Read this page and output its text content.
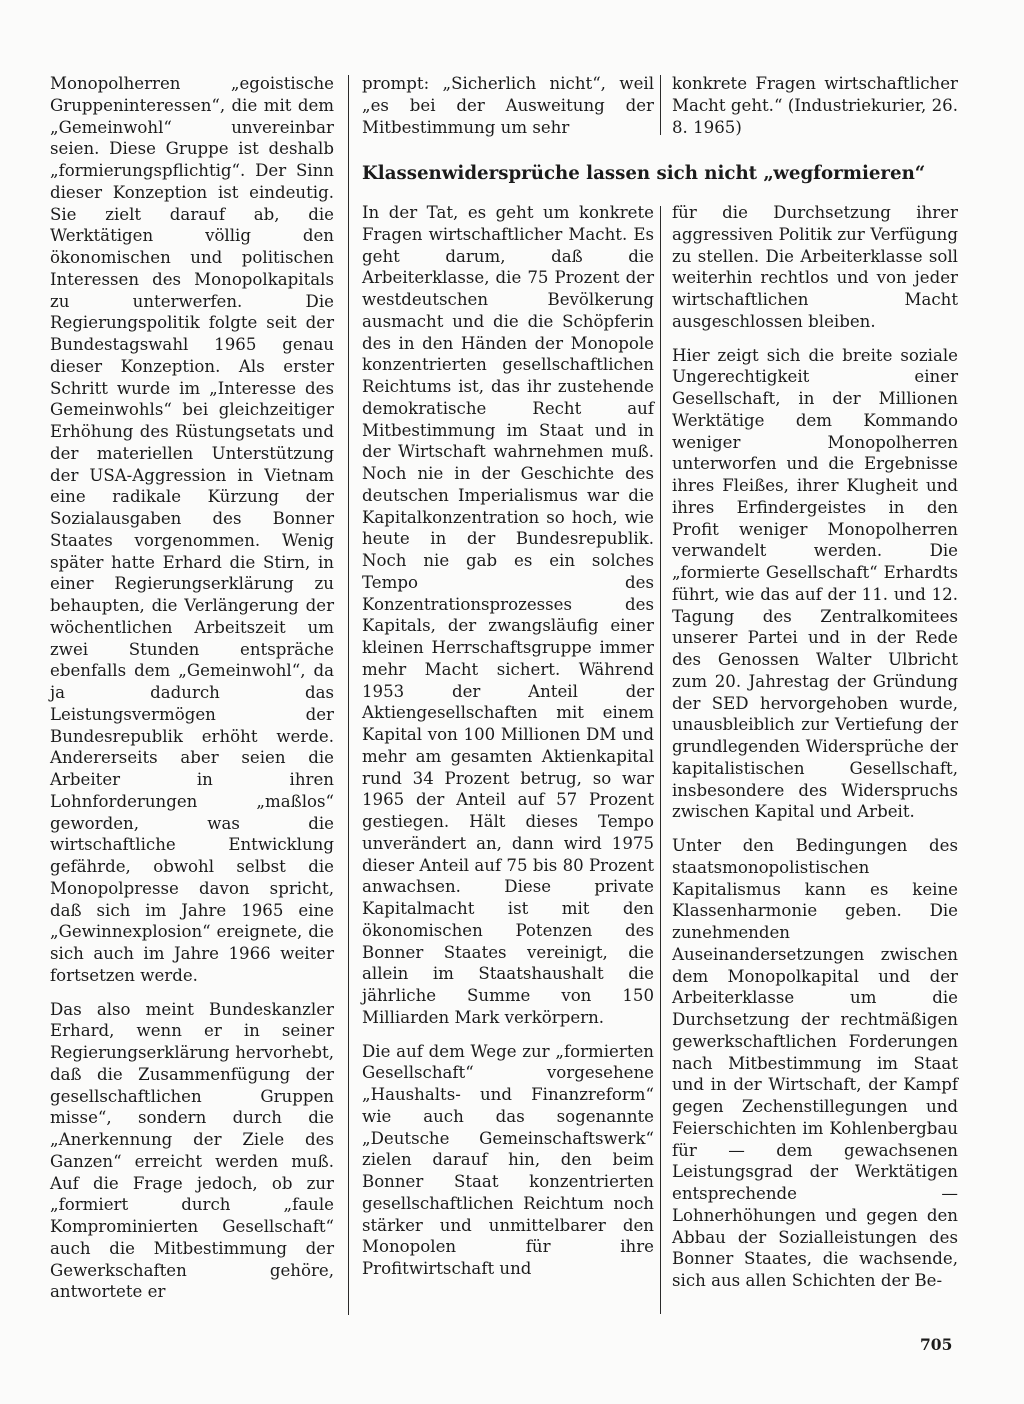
Monopolherren „egoistische Gruppeninteressen“, die mit dem „Gemeinwohl“ unvereinbar seien. Diese Gruppe ist deshalb „formierungspflichtig“. Der Sinn dieser Konzeption ist eindeutig. Sie zielt darauf ab, die Werktätigen völlig den ökonomischen und politischen Interessen des Monopolkapitals zu unterwerfen. Die Regierungspolitik folgte seit der Bundestagswahl 1965 genau dieser Konzeption. Als erster Schritt wurde im „Interesse des Gemeinwohls“ bei gleichzeitiger Erhöhung des Rüstungsetats und der materiellen Unterstützung der USA-Aggression in Vietnam eine radikale Kürzung der Sozialausgaben des Bonner Staates vorgenommen. Wenig später hatte Erhard die Stirn, in einer Regierungserklärung zu behaupten, die Verlängerung der wöchentlichen Arbeitszeit um zwei Stunden entspräche ebenfalls dem „Gemeinwohl“, da ja dadurch das Leistungsvermögen der Bundesrepublik erhöht werde. Andererseits aber seien die Arbeiter in ihren Lohnforderungen „maßlos“ geworden, was die wirtschaftliche Entwicklung gefährde, obwohl selbst die Monopolpresse davon spricht, daß sich im Jahre 1965 eine „Gewinnexplosion“ ereignete, die sich auch im Jahre 1966 weiter fortsetzen werde.

Das also meint Bundeskanzler Erhard, wenn er in seiner Regierungserklärung hervorhebt, daß die Zusammenfügung der gesellschaftlichen Gruppen misse“, sondern durch die „Anerkennung der Ziele des Ganzen“ erreicht werden muß. Auf die Frage jedoch, ob zur „formiert durch „faule Komprominierten Gesellschaft“ auch die Mitbestimmung der Gewerkschaften gehöre, antwortete er

prompt: „Sicherlich nicht“, weil „es bei der Ausweitung der Mitbestimmung um sehr

konkrete Fragen wirtschaftlicher Macht geht.“ (Industriekurier, 26. 8. 1965)

Klassenwidersprüche lassen sich nicht „wegformieren“

In der Tat, es geht um konkrete Fragen wirtschaftlicher Macht. Es geht darum, daß die Arbeiterklasse, die 75 Prozent der westdeutschen Bevölkerung ausmacht und die die Schöpferin des in den Händen der Monopole konzentrierten gesellschaftlichen Reichtums ist, das ihr zustehende demokratische Recht auf Mitbestimmung im Staat und in der Wirtschaft wahrnehmen muß. Noch nie in der Geschichte des deutschen Imperialismus war die Kapitalkonzentration so hoch, wie heute in der Bundesrepublik. Noch nie gab es ein solches Tempo des Konzentrationsprozesses des Kapitals, der zwangsläufig einer kleinen Herrschaftsgruppe immer mehr Macht sichert. Während 1953 der Anteil der Aktiengesellschaften mit einem Kapital von 100 Millionen DM und mehr am gesamten Aktienkapital rund 34 Prozent betrug, so war 1965 der Anteil auf 57 Prozent gestiegen. Hält dieses Tempo unverändert an, dann wird 1975 dieser Anteil auf 75 bis 80 Prozent anwachsen. Diese private Kapitalmacht ist mit den ökonomischen Potenzen des Bonner Staates vereinigt, die allein im Staatshaushalt die jährliche Summe von 150 Milliarden Mark verkörpern.

Die auf dem Wege zur „formierten Gesellschaft“ vorgesehene „Haushalts- und Finanzreform“ wie auch das sogenannte „Deutsche Gemeinschaftswerk“ zielen darauf hin, den beim Bonner Staat konzentrierten gesellschaftlichen Reichtum noch stärker und unmittelbarer den Monopolen für ihre Profitwirtschaft und

für die Durchsetzung ihrer aggressiven Politik zur Verfügung zu stellen. Die Arbeiterklasse soll weiterhin rechtlos und von jeder wirtschaftlichen Macht ausgeschlossen bleiben.

Hier zeigt sich die breite soziale Ungerechtigkeit einer Gesellschaft, in der Millionen Werktätige dem Kommando weniger Monopolherren unterworfen und die Ergebnisse ihres Fleißes, ihrer Klugheit und ihres Erfindergeistes in den Profit weniger Monopolherren verwandelt werden. Die „formierte Gesellschaft“ Erhardts führt, wie das auf der 11. und 12. Tagung des Zentralkomitees unserer Partei und in der Rede des Genossen Walter Ulbricht zum 20. Jahrestag der Gründung der SED hervorgehoben wurde, unausbleiblich zur Vertiefung der grundlegenden Widersprüche der kapitalistischen Gesellschaft, insbesondere des Widerspruchs zwischen Kapital und Arbeit.

Unter den Bedingungen des staatsmonopolistischen Kapitalismus kann es keine Klassenharmonie geben. Die zunehmenden Auseinandersetzungen zwischen dem Monopolkapital und der Arbeiterklasse um die Durchsetzung der rechtmäßigen gewerkschaftlichen Forderungen nach Mitbestimmung im Staat und in der Wirtschaft, der Kampf gegen Zechenstillegungen und Feierschichten im Kohlenbergbau für — dem gewachsenen Leistungsgrad der Werktätigen entsprechende — Lohnerhöhungen und gegen den Abbau der Sozialleistungen des Bonner Staates, die wachsende, sich aus allen Schichten der Be-

705
